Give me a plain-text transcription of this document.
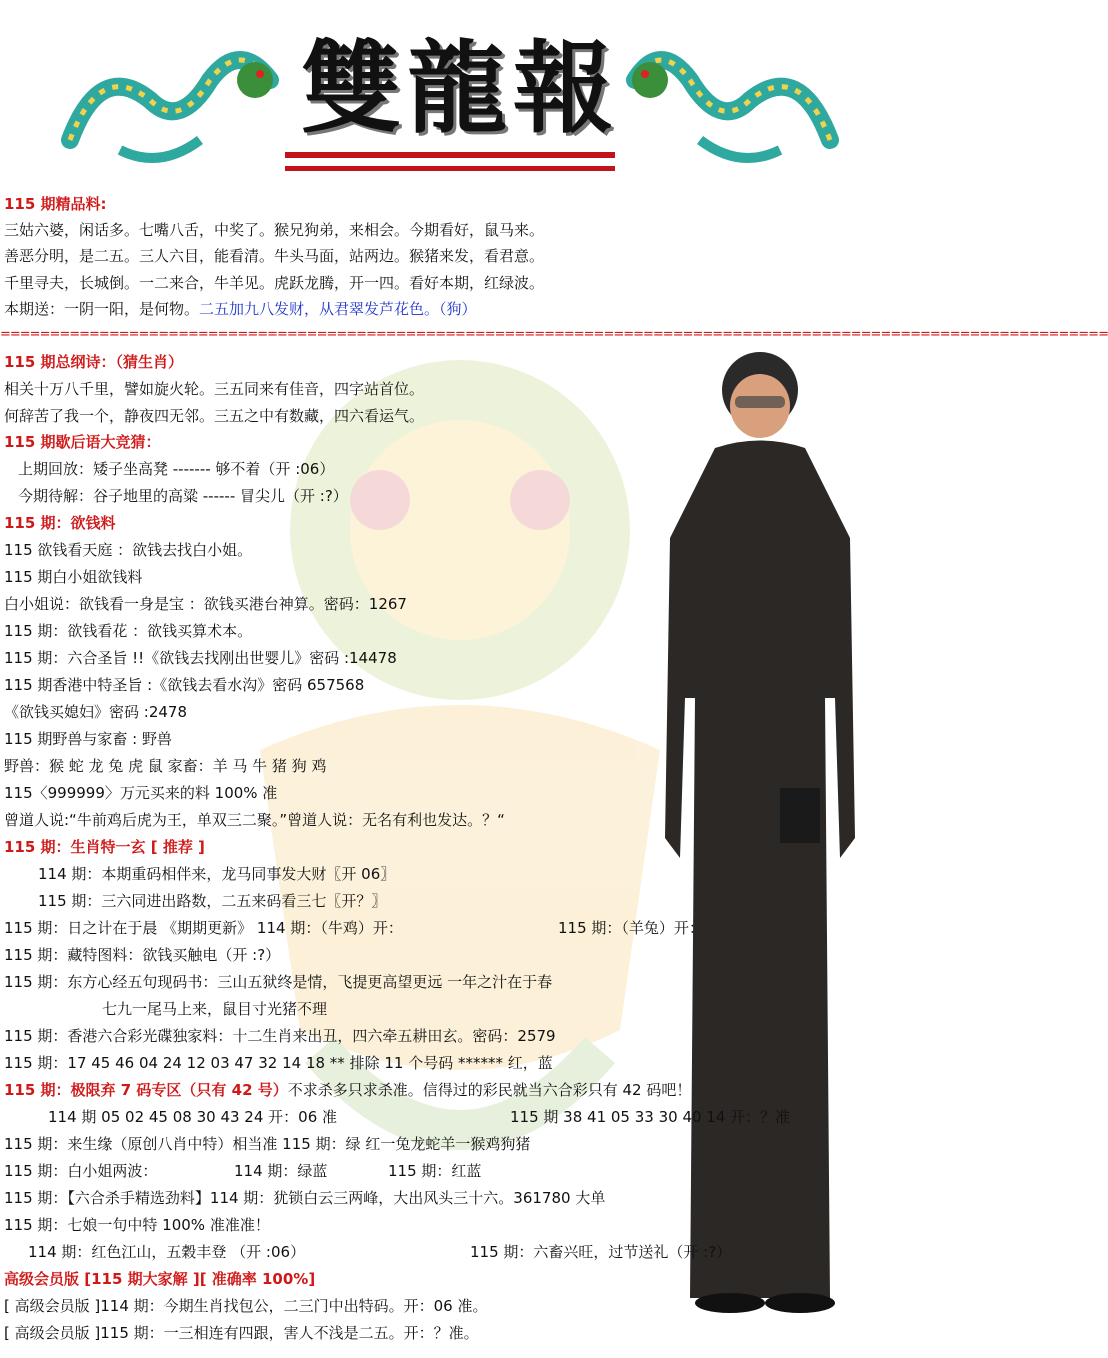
雙龍報
115 期精品料:
三姑六婆，闲话多。七嘴八舌，中奖了。猴兄狗弟，来相会。今期看好，鼠马来。
善恶分明，是二五。三人六目，能看清。牛头马面，站两边。猴猪来发，看君意。
千里寻夫，长城倒。一二来合，牛羊见。虎跃龙腾，开一四。看好本期，红绿波。
本期送：一阴一阳，是何物。二五加九八发财，从君翠发芦花色。（狗）
================================================================================================================
115 期总纲诗：（猜生肖）
相关十万八千里，譬如旋火轮。三五同来有佳音，四字站首位。
何辞苦了我一个，静夜四无邻。三五之中有数藏，四六看运气。
115 期歇后语大竞猜：
上期回放：矮子坐高凳 ------- 够不着（开 :06）
今期待解：谷子地里的高粱 ------ 冒尖儿（开 :?）
115 期：欲钱料
115 欲钱看天庭 ：欲钱去找白小姐。
115 期白小姐欲钱料
白小姐说：欲钱看一身是宝 ：欲钱买港台神算。密码：1267
115 期：欲钱看花 ：欲钱买算术本。
115 期：六合圣旨 !!《欲钱去找刚出世婴儿》密码 :14478
115 期香港中特圣旨 :《欲钱去看水沟》密码 657568
《欲钱买媳妇》密码 :2478
115 期野兽与家畜 : 野兽
野兽：猴 蛇 龙 兔 虎 鼠 家畜：羊 马 牛 猪 狗 鸡
115〈999999〉万元买来的料 100% 准
曾道人说:“牛前鸡后虎为王，单双三二聚。”曾道人说：无名有利也发达。？“
115 期：生肖特一玄 [ 推荐 ]
114 期：本期重码相伴来，龙马同事发大财〖开 06〗
115 期：三六同进出路数，二五来码看三七〖开？〗
115 期：日之计在于晨 《期期更新》 114 期：（牛鸡）开：	115 期：（羊兔）开：
115 期：藏特图料：欲钱买触电（开 :?）
115 期：东方心经五句现码书：三山五狱终是情，飞提更高望更远 一年之汁在于春
七九一尾马上来，鼠目寸光猪不理
115 期：香港六合彩光碟独家料：十二生肖来出丑，四六牵五耕田玄。密码：2579
115 期：17 45 46 04 24 12 03 47 32 14 18 ** 排除 11 个号码 ****** 红，蓝
115 期：极限弃 7 码专区（只有 42 号）不求杀多只求杀准。信得过的彩民就当六合彩只有 42 码吧！
114 期 05 02 45 08 30 43 24 开：06 准	115 期 38 41 05 33 30 40 14 开：？准
115 期：来生缘（原创八肖中特）相当准 115 期：绿 红一兔龙蛇羊一猴鸡狗猪
115 期：白小姐两波：	114 期：绿蓝	115 期：红蓝
115 期：【六合杀手精选劲料】114 期：犹锁白云三两峰，大出风头三十六。361780 大单
115 期：七娘一句中特 100% 准准准！
114 期：红色江山，五穀丰登 （开 :06）	115 期：六畜兴旺，过节送礼（开 :?）
高级会员版 [115 期大家解 ][ 准确率 100%]
[ 高级会员版 ]114 期：今期生肖找包公，二三门中出特码。开：06 准。
[ 高级会员版 ]115 期：一三相连有四跟，害人不浅是二五。开：？准。
